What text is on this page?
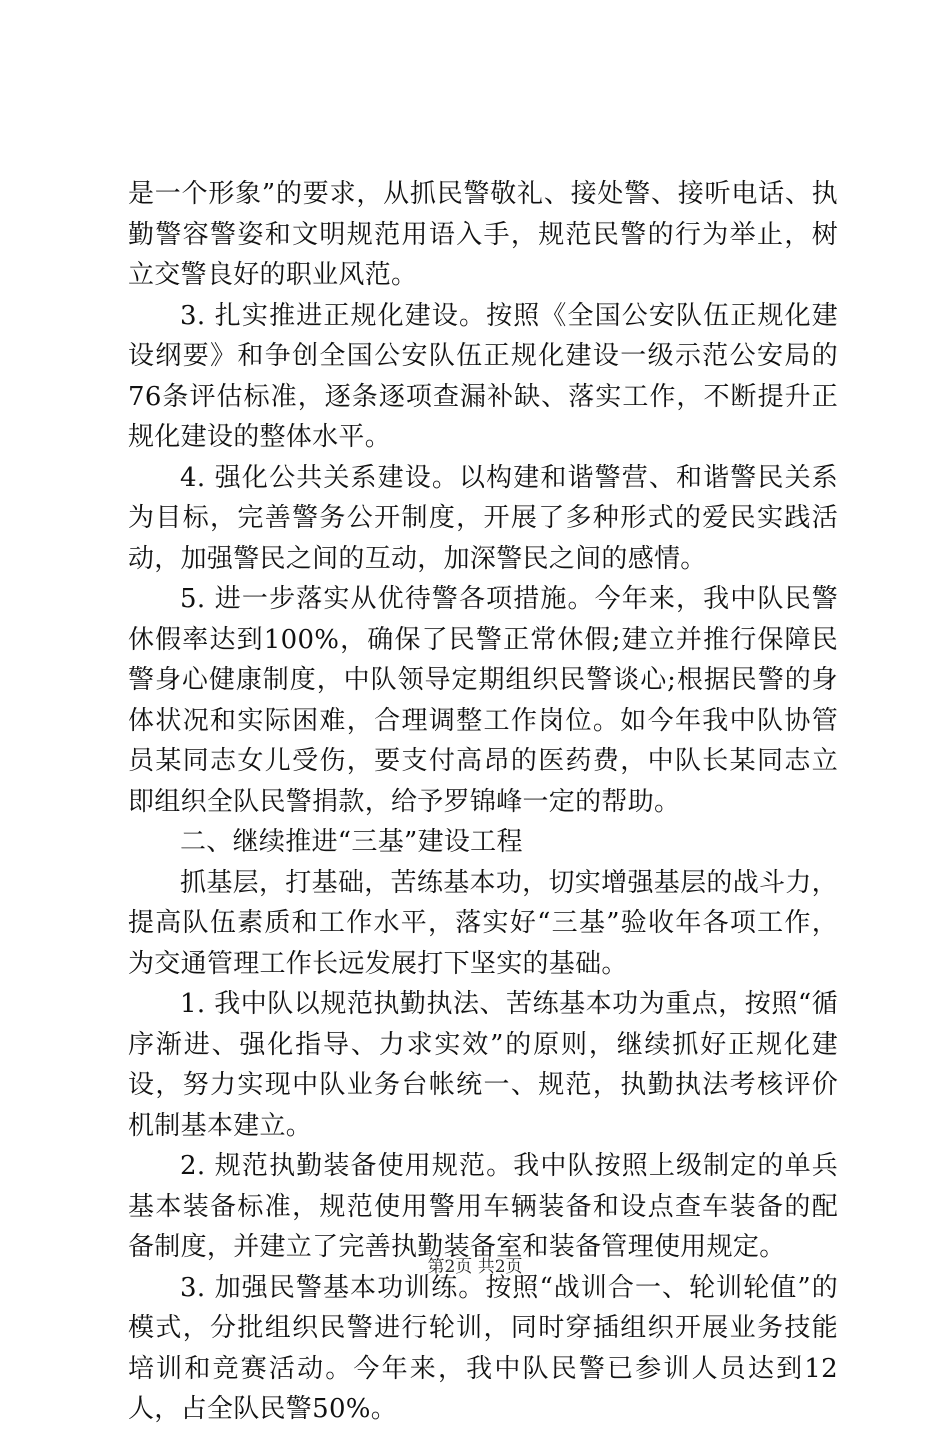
是一个形象”的要求，从抓民警敬礼、接处警、接听电话、执勤警容警姿和文明规范用语入手，规范民警的行为举止，树立交警良好的职业风范。

3. 扎实推进正规化建设。按照《全国公安队伍正规化建设纲要》和争创全国公安队伍正规化建设一级示范公安局的76条评估标准，逐条逐项查漏补缺、落实工作，不断提升正规化建设的整体水平。

4. 强化公共关系建设。以构建和谐警营、和谐警民关系为目标，完善警务公开制度，开展了多种形式的爱民实践活动，加强警民之间的互动，加深警民之间的感情。

5. 进一步落实从优待警各项措施。今年来，我中队民警休假率达到100%，确保了民警正常休假;建立并推行保障民警身心健康制度，中队领导定期组织民警谈心;根据民警的身体状况和实际困难，合理调整工作岗位。如今年我中队协管员某同志女儿受伤，要支付高昂的医药费，中队长某同志立即组织全队民警捐款，给予罗锦峰一定的帮助。

二、继续推进“三基”建设工程

抓基层，打基础，苦练基本功，切实增强基层的战斗力，提高队伍素质和工作水平，落实好“三基”验收年各项工作，为交通管理工作长远发展打下坚实的基础。

1. 我中队以规范执勤执法、苦练基本功为重点，按照“循序渐进、强化指导、力求实效”的原则，继续抓好正规化建设，努力实现中队业务台帐统一、规范，执勤执法考核评价机制基本建立。

2. 规范执勤装备使用规范。我中队按照上级制定的单兵基本装备标准，规范使用警用车辆装备和设点查车装备的配备制度，并建立了完善执勤装备室和装备管理使用规定。

3. 加强民警基本功训练。按照“战训合一、轮训轮值”的模式，分批组织民警进行轮训，同时穿插组织开展业务技能培训和竞赛活动。今年来，我中队民警已参训人员达到12人，占全队民警50%。

第2页 共2页
